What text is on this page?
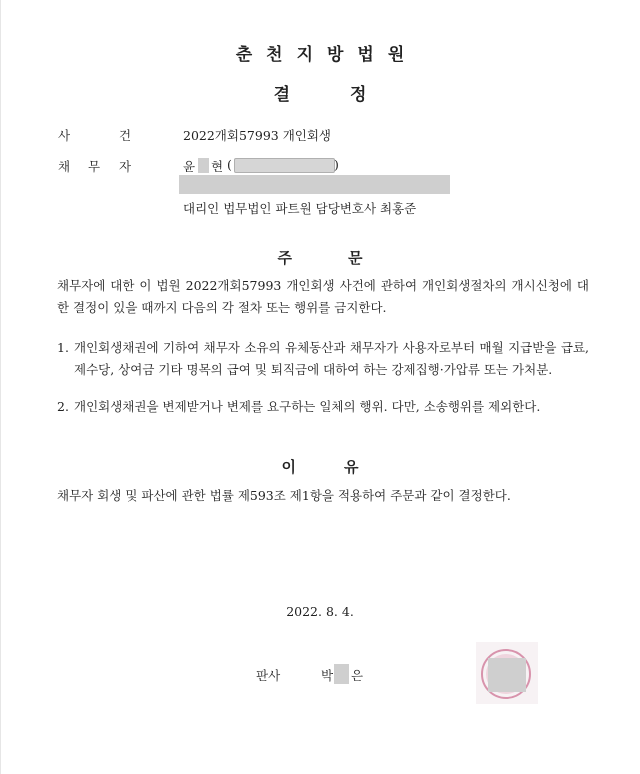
춘천지방법원
결	정
사	건	2022개회57993 개인회생
채 무 자	윤 현 (	)
대리인 법무법인 파트원 담당변호사 최홍준
주	문
채무자에 대한 이 법원 2022개회57993 개인회생 사건에 관하여 개인회생절차의 개시신청에 대한 결정이 있을 때까지 다음의 각 절차 또는 행위를 금지한다.
1. 개인회생채권에 기하여 채무자 소유의 유체동산과 채무자가 사용자로부터 매월 지급받을 급료, 제수당, 상여금 기타 명목의 급여 및 퇴직금에 대하여 하는 강제집행·가압류 또는 가처분.
2. 개인회생채권을 변제받거나 변제를 요구하는 일체의 행위. 다만, 소송행위를 제외한다.
이	유
채무자 회생 및 파산에 관한 법률 제593조 제1항을 적용하여 주문과 같이 결정한다.
2022. 8. 4.
판사	박 은
